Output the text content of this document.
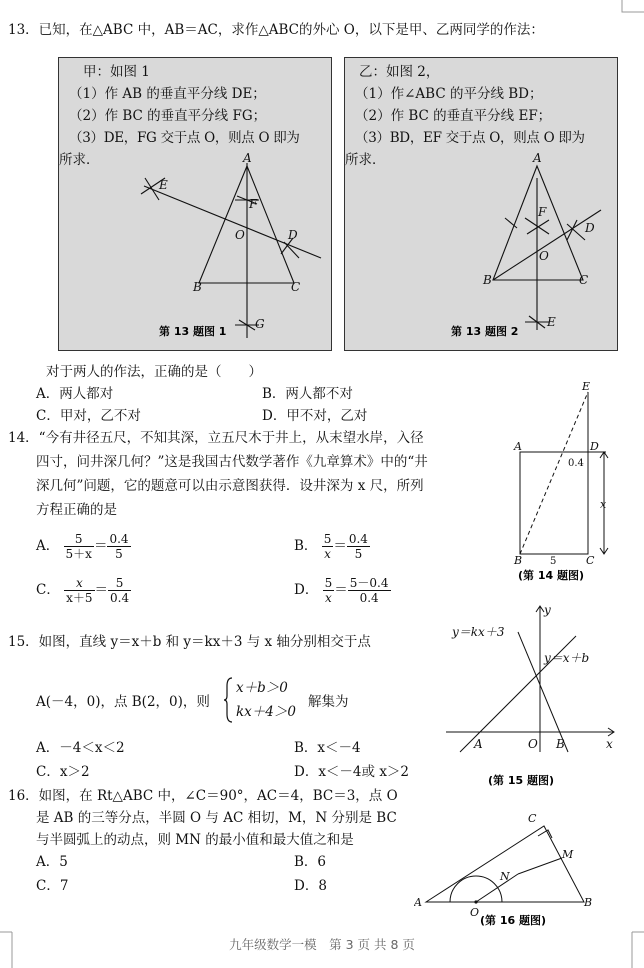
13．已知，在△ABC 中，AB＝AC，求作△ABC的外心 O，以下是甲、乙两同学的作法：
甲：如图 1
（1）作 AB 的垂直平分线 DE；
（2）作 BC 的垂直平分线 FG；
（3）DE，FG 交于点 O，则点 O 即为
所求．	A
B	C
D
E
F
G
O
第 13 题图 1
乙：如图 2，
（1）作∠ABC 的平分线 BD；
（2）作 BC 的垂直平分线 EF；
（3）BD，EF 交于点 O，则点 O 即为
所求．	A
B	C
D
E
F
O
第 13 题图 2
对于两人的作法，正确的是（　　）
A．两人都对	B．两人都不对
C．甲对，乙不对	D．甲不对，乙对
14．“今有井径五尺，不知其深，立五尺木于井上，从末望水岸，入径
四寸，问井深几何？”这是我国古代数学著作《九章算术》中的“井
深几何”问题，它的题意可以由示意图获得．设井深为 x 尺，所列
方程正确的是
A． $\frac{5}{5+x} = \frac{0.4}{5}$	B． $\frac{5}{x} = \frac{0.4}{5}$
C． $\frac{x}{x+5} = \frac{5}{0.4}$	D． $\frac{5}{x} = \frac{5-0.4}{0.4}$
E
A	D
B	C
x
0.4
5
(第 14 题图)
15．如图，直线 y＝x＋b 和 y＝kx＋3 与 x 轴分别相交于点
A(－4，0)，点 B(2，0)，则
x＋b＞0
kx＋4＞0
解集为
A．－4＜x＜2	B．x＜－4
C．x＞2	D．x＜－4或 x＞2
y＝kx＋3
y＝x＋b
y
x
A	O B
(第 15 题图)
16．如图，在 Rt△ABC 中，∠C＝90°，AC＝4，BC＝3，点 O
是 AB 的三等分点，半圆 O 与 AC 相切，M，N 分别是 BC
与半圆弧上的动点，则 MN 的最小值和最大值之和是
A．5	B．6
C．7	D．8
C
A	B
M
N
O
(第 16 题图)
九年级数学一模　第 3 页 共 8 页
